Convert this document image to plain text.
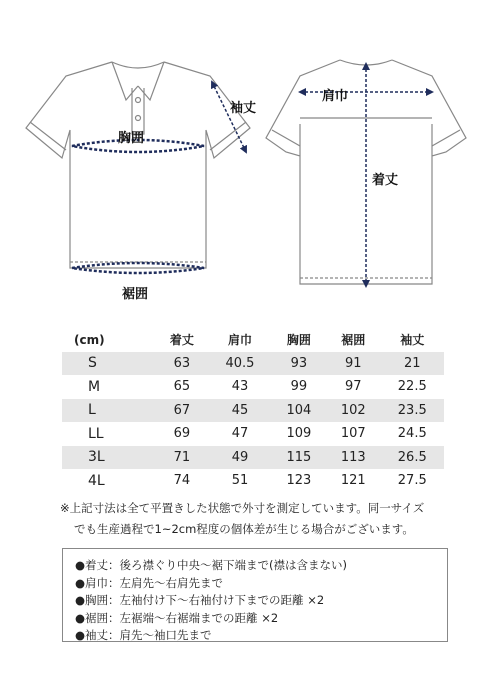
袖丈
胸囲
裾囲
肩巾
着丈
(cm)	着丈	肩巾	胸囲	裾囲	袖丈
S	63	40.5	93	91	21
M	65	43	99	97	22.5
L	67	45	104	102	23.5
LL	69	47	109	107	24.5
3L	71	49	115	113	26.5
4L	74	51	123	121	27.5
※上記寸法は全て平置きした状態で外寸を測定しています。同一サイズ
でも生産過程で1~2cm程度の個体差が生じる場合がございます。
●着丈：後ろ襟ぐり中央～裾下端まで(襟は含まない)
●肩巾：左肩先～右肩先まで
●胸囲：左袖付け下～右袖付け下までの距離 ×2
●裾囲：左裾端～右裾端までの距離 ×2
●袖丈：肩先～袖口先まで
